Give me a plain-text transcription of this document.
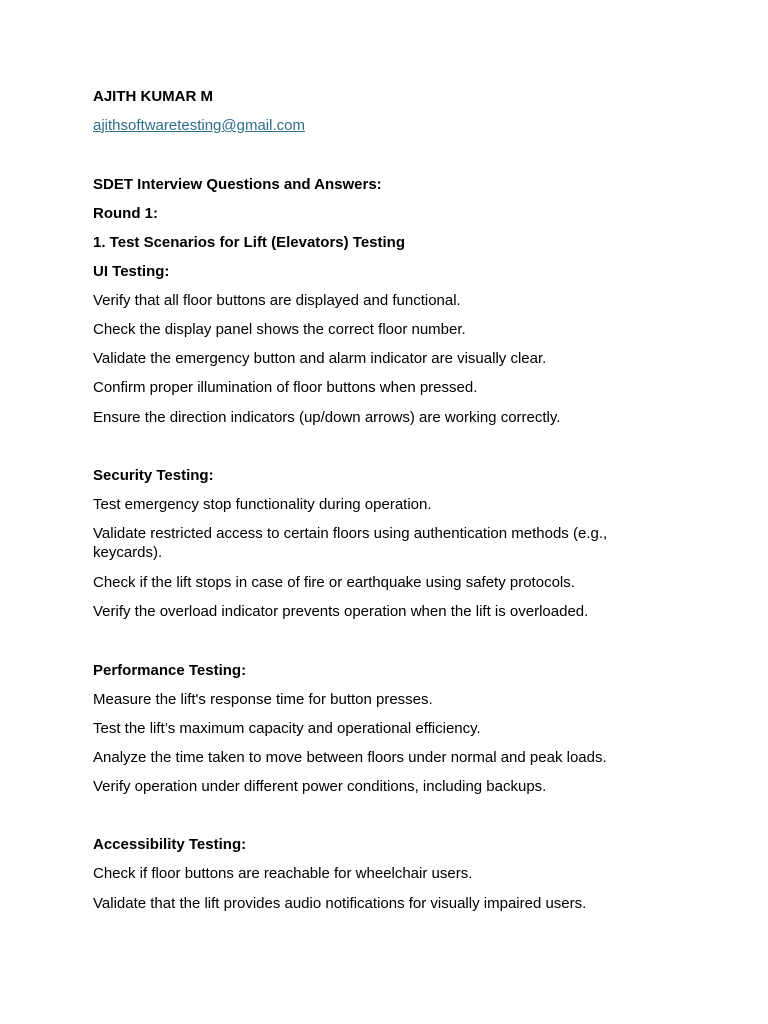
AJITH KUMAR M
ajithsoftwaretesting@gmail.com
SDET Interview Questions and Answers:
Round 1:
1. Test Scenarios for Lift (Elevators) Testing
UI Testing:
Verify that all floor buttons are displayed and functional.
Check the display panel shows the correct floor number.
Validate the emergency button and alarm indicator are visually clear.
Confirm proper illumination of floor buttons when pressed.
Ensure the direction indicators (up/down arrows) are working correctly.
Security Testing:
Test emergency stop functionality during operation.
Validate restricted access to certain floors using authentication methods (e.g., keycards).
Check if the lift stops in case of fire or earthquake using safety protocols.
Verify the overload indicator prevents operation when the lift is overloaded.
Performance Testing:
Measure the lift's response time for button presses.
Test the lift’s maximum capacity and operational efficiency.
Analyze the time taken to move between floors under normal and peak loads.
Verify operation under different power conditions, including backups.
Accessibility Testing:
Check if floor buttons are reachable for wheelchair users.
Validate that the lift provides audio notifications for visually impaired users.
